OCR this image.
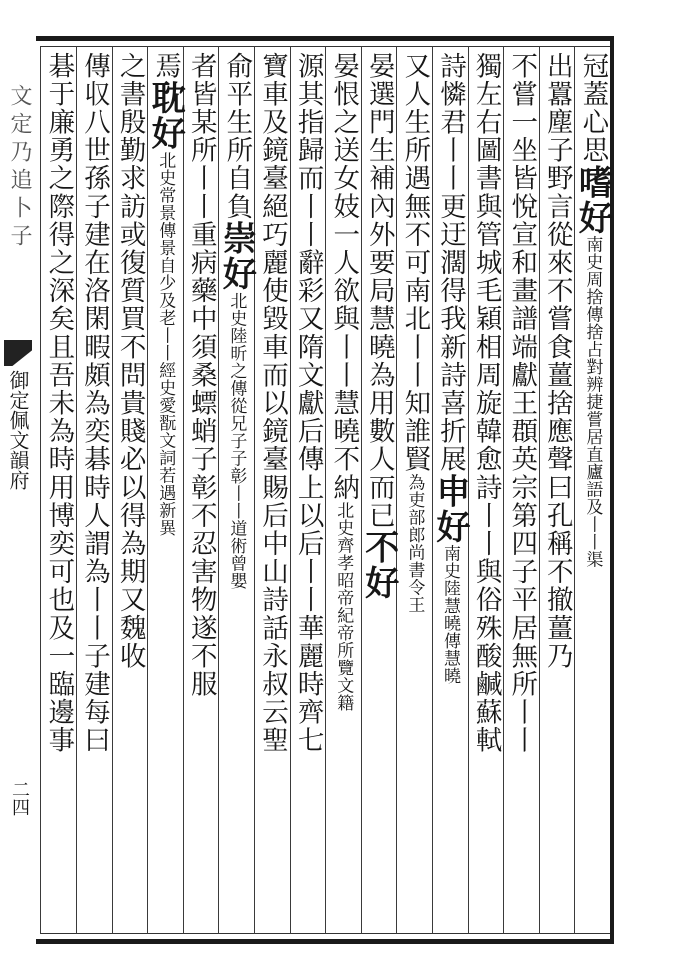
文定乃追卜子
御定佩文韻府
二四
冠蓋心思嗜好南史周捨傳捨占對辨捷嘗居直廬語及丨丨渠
出囂塵子野言從來不嘗食薑捨應聲曰孔稱不撤薑乃
不嘗一坐皆悅宣和畫譜端獻王頵英宗第四子平居無所丨丨
獨左右圖書與管城毛穎相周旋韓愈詩丨丨與俗殊酸鹹蘇軾
詩憐君丨丨更迂濶得我新詩喜折展申好南史陸慧曉傳慧曉
又人生所遇無不可南北丨丨知誰賢為吏部郎尚書令王
晏選門生補內外要局慧曉為用數人而已不好
晏恨之送女妓一人欲與丨丨慧曉不納北史齊孝昭帝紀帝所覽文籍
源其指歸而丨丨辭彩又隋文獻后傳上以后丨丨華麗時齊七
寶車及鏡臺絕巧麗使毀車而以鏡臺賜后中山詩話永叔云聖
俞平生所自負崇好北史陸昕之傳從兄子子彰丨丨道術曾嬰
者皆某所丨丨重病藥中須桑螵蛸子彰不忍害物遂不服
焉耽好北史常景傳景自少及老丨丨經史愛翫文詞若遇新異
之書殷勤求訪或復質買不問貴賤必以得為期又魏收
傳収八世孫子建在洛閑暇頗為奕碁時人謂為丨丨子建每曰
碁于廉勇之際得之深矣且吾未為時用博奕可也及一臨邊事
